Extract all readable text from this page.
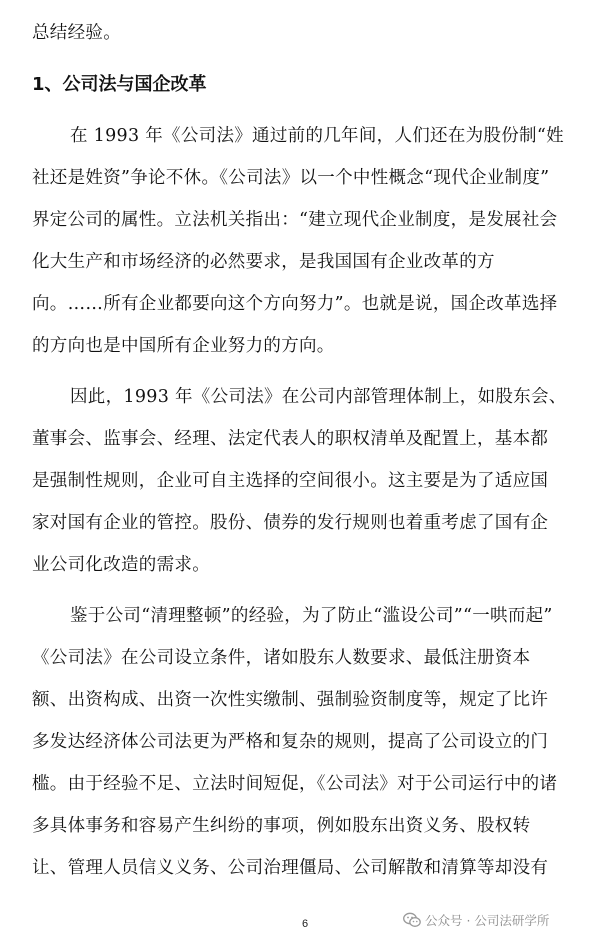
总结经验。
1、公司法与国企改革
在 1993 年《公司法》通过前的几年间，人们还在为股份制“姓
社还是姓资”争论不休。《公司法》以一个中性概念“现代企业制度”
界定公司的属性。立法机关指出：“建立现代企业制度，是发展社会
化大生产和市场经济的必然要求，是我国国有企业改革的方
向。……所有企业都要向这个方向努力”。也就是说，国企改革选择
的方向也是中国所有企业努力的方向。
因此，1993 年《公司法》在公司内部管理体制上，如股东会、
董事会、监事会、经理、法定代表人的职权清单及配置上，基本都
是强制性规则，企业可自主选择的空间很小。这主要是为了适应国
家对国有企业的管控。股份、债券的发行规则也着重考虑了国有企
业公司化改造的需求。
鉴于公司“清理整顿”的经验，为了防止“滥设公司”“一哄而起”
《公司法》在公司设立条件，诸如股东人数要求、最低注册资本
额、出资构成、出资一次性实缴制、强制验资制度等，规定了比许
多发达经济体公司法更为严格和复杂的规则，提高了公司设立的门
槛。由于经验不足、立法时间短促，《公司法》对于公司运行中的诸
多具体事务和容易产生纠纷的事项，例如股东出资义务、股权转
让、管理人员信义义务、公司治理僵局、公司解散和清算等却没有
6	公众号 · 公司法研学所
